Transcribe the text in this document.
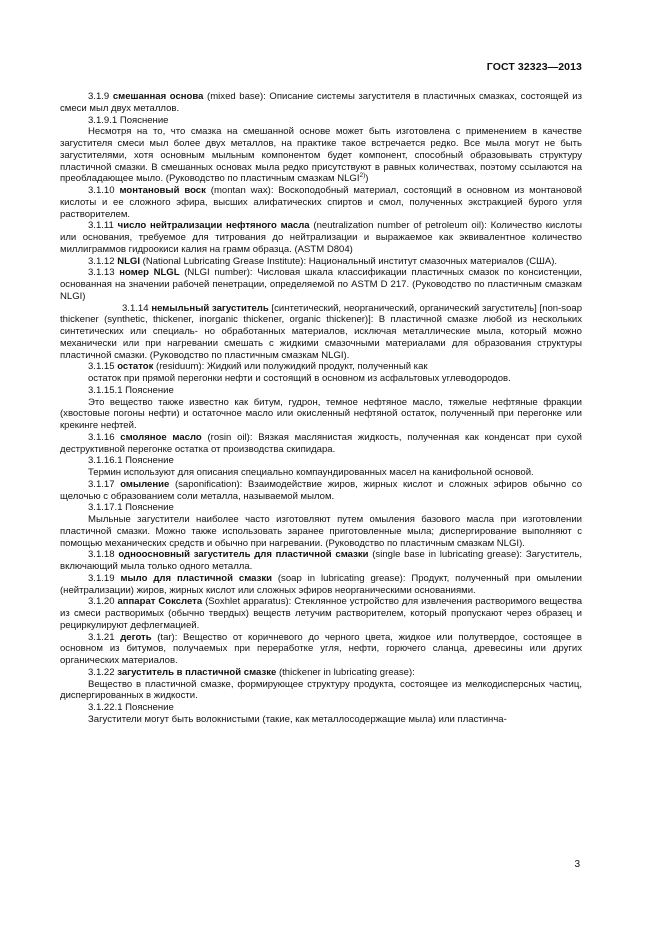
ГОСТ 32323—2013

3.1.9 смешанная основа (mixed base): Описание системы загустителя в пластичных смазках, состоящей из смеси мыл двух металлов.

3.1.9.1 Пояснение

Несмотря на то, что смазка на смешанной основе может быть изготовлена с применением в качестве загустителя смеси мыл более двух металлов, на практике такое встречается редко. Все мыла могут не быть загустителями, хотя основным мыльным компонентом будет компонент, способный образовывать структуру пластичной смазки. В смешанных основах мыла редко присутствуют в равных количествах, поэтому ссылаются на преобладающее мыло. (Руководство по пластичным смазкам NLGI$^{2)}$)

3.1.10 монтановый воск (montan wax): Воскоподобный материал, состоящий в основном из монтановой кислоты и ее сложного эфира, высших алифатических спиртов и смол, полученных экстракцией бурого угля растворителем.

3.1.11 число нейтрализации нефтяного масла (neutralization number of petroleum oil): Количество кислоты или основания, требуемое для титрования до нейтрализации и выражаемое как эквивалентное количество миллиграммов гидроокиси калия на грамм образца. (ASTM D804)

3.1.12 NLGI (National Lubricating Grease Institute): Национальный институт смазочных материалов (США).

3.1.13 номер NLGL (NLGI number): Числовая шкала классификации пластичных смазок по консистенции, основанная на значении рабочей пенетрации, определяемой по ASTM D 217. (Руководство по пластичным смазкам NLGI)

3.1.14 немыльный загуститель [синтетический, неорганический, органический загуститель] [non-soap thickener (synthetic, thickener, inorganic thickener, organic thickener)]: В пластичной смазке любой из нескольких синтетических или специаль- но обработанных материалов, исключая металлические мыла, который можно механически или при нагревании смешать с жидкими смазочными материалами для образования структуры пластичной смазки. (Руководство по пластичным смазкам NLGI).

3.1.15 остаток (residuum): Жидкий или полужидкий продукт, полученный как

остаток при прямой перегонки нефти и состоящий в основном из асфальтовых углеводородов.

3.1.15.1 Пояснение

Это вещество также известно как битум, гудрон, темное нефтяное масло, тяжелые нефтяные фракции (хвостовые погоны нефти) и остаточное масло или окисленный нефтяной остаток, полученный при перегонке или крекинге нефтей.

3.1.16 смоляное масло (rosin oil): Вязкая маслянистая жидкость, полученная как конденсат при сухой деструктивной перегонке остатка от производства скипидара.

3.1.16.1 Пояснение

Термин используют для описания специально компаундированных масел на канифольной основой.

3.1.17 омыление (saponification): Взаимодействие жиров, жирных кислот и сложных эфиров обычно со щелочью с образованием соли металла, называемой мылом.

3.1.17.1 Пояснение

Мыльные загустители наиболее часто изготовляют путем омыления базового масла при изготовлении пластичной смазки. Можно также использовать заранее приготовленные мыла; диспергирование выполняют с помощью механических средств и обычно при нагревании. (Руководство по пластичным смазкам NLGI).

3.1.18 одноосновный загуститель для пластичной смазки (single base in lubricating grease): Загуститель, включающий мыла только одного металла.

3.1.19 мыло для пластичной смазки (soap in lubricating grease): Продукт, полученный при омылении (нейтрализации) жиров, жирных кислот или сложных эфиров неорганическими основаниями.

3.1.20 аппарат Сокслета (Soxhlet apparatus): Стеклянное устройство для извлечения растворимого вещества из смеси растворимых (обычно твердых) веществ летучим растворителем, который пропускают через образец и рециркулируют дефлегмацией.

3.1.21 деготь (tar): Вещество от коричневого до черного цвета, жидкое или полутвердое, состоящее в основном из битумов, получаемых при переработке угля, нефти, горючего сланца, древесины или других органических материалов.

3.1.22 загуститель в пластичной смазке (thickener in lubricating grease):

Вещество в пластичной смазке, формирующее структуру продукта, состоящее из мелкодисперсных частиц, диспергированных в жидкости.

3.1.22.1 Пояснение

Загустители могут быть волокнистыми (такие, как металлосодержащие мыла) или пластинча-

3
